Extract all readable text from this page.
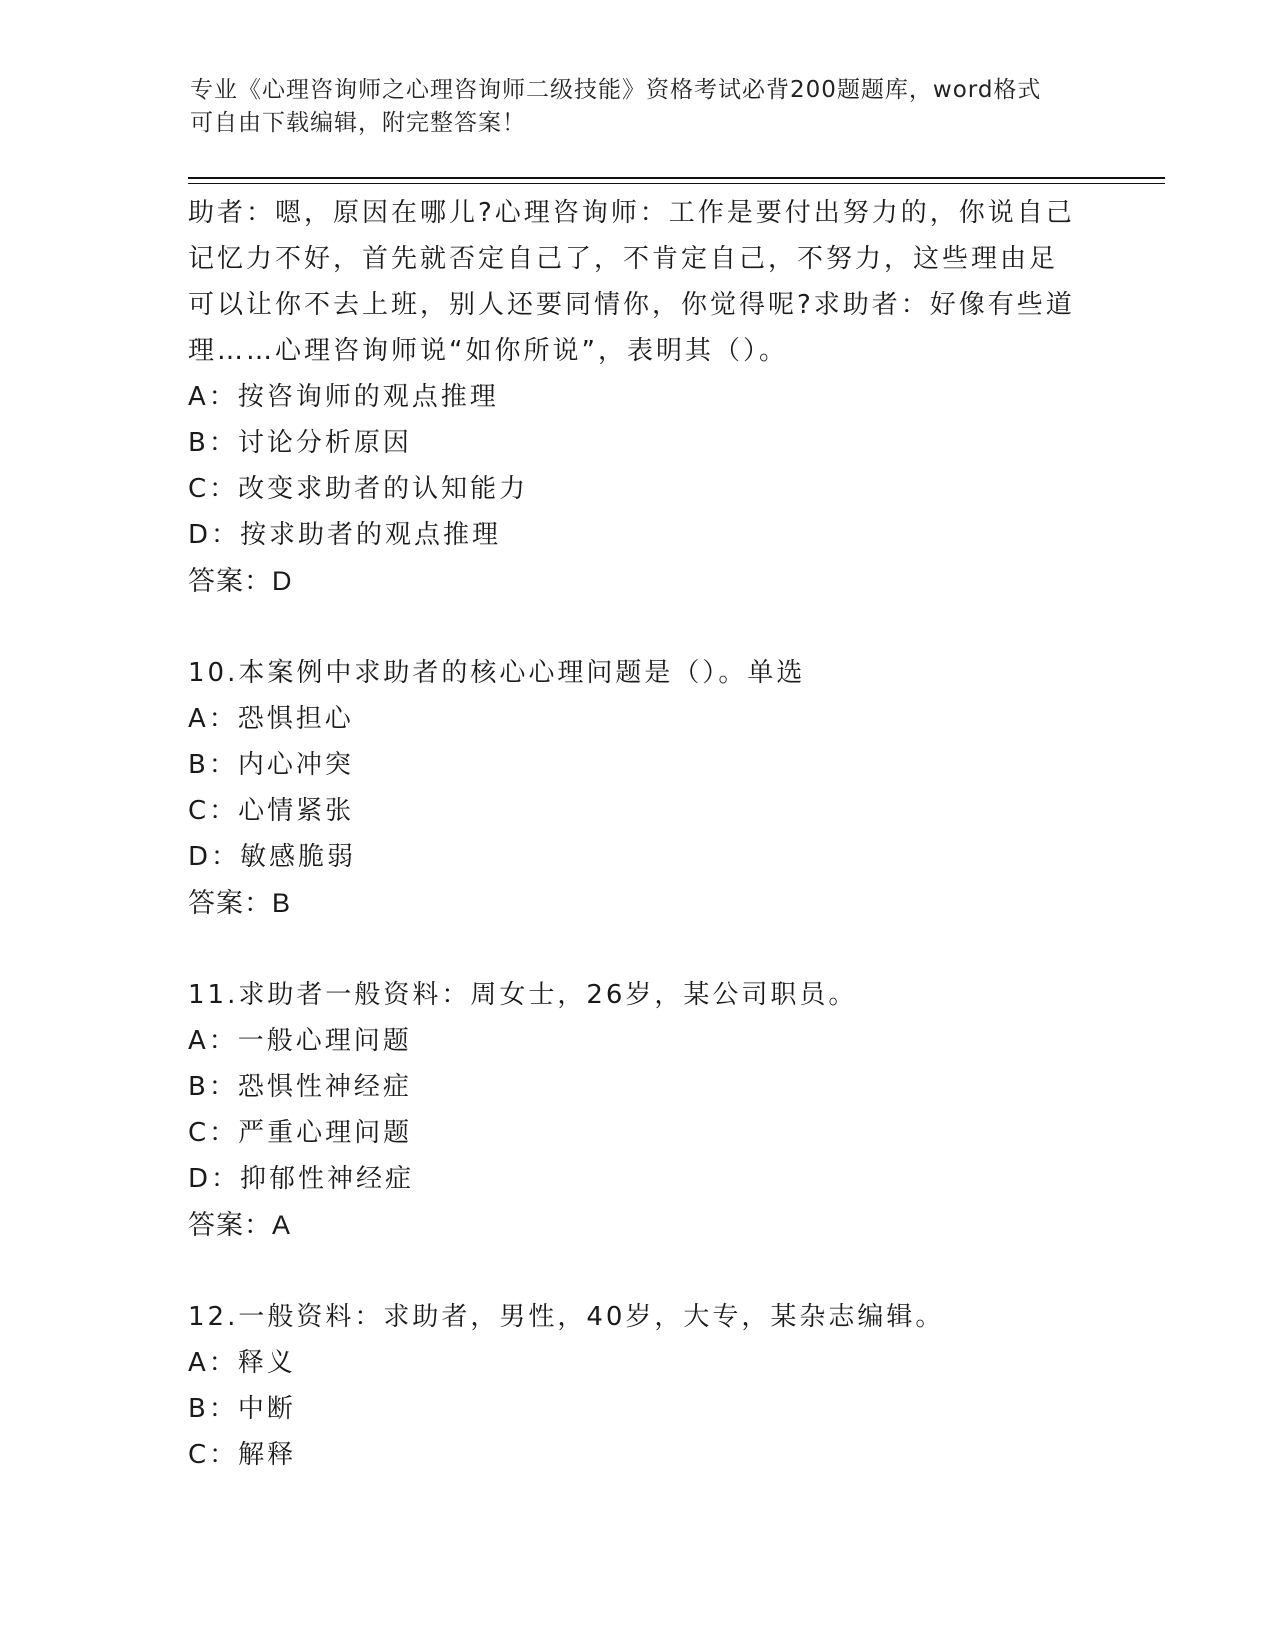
专业《心理咨询师之心理咨询师二级技能》资格考试必背200题题库，word格式
可自由下载编辑，附完整答案！
助者：嗯，原因在哪儿?心理咨询师：工作是要付出努力的，你说自己
记忆力不好，首先就否定自己了，不肯定自己，不努力，这些理由足
可以让你不去上班，别人还要同情你，你觉得呢?求助者：好像有些道
理……心理咨询师说“如你所说”，表明其（）。
A：按咨询师的观点推理
B：讨论分析原因
C：改变求助者的认知能力
D：按求助者的观点推理
答案：D
10.本案例中求助者的核心心理问题是（）。单选
A：恐惧担心
B：内心冲突
C：心情紧张
D：敏感脆弱
答案：B
11.求助者一般资料：周女士，26岁，某公司职员。
A：一般心理问题
B：恐惧性神经症
C：严重心理问题
D：抑郁性神经症
答案：A
12.一般资料：求助者，男性，40岁，大专，某杂志编辑。
A：释义
B：中断
C：解释
